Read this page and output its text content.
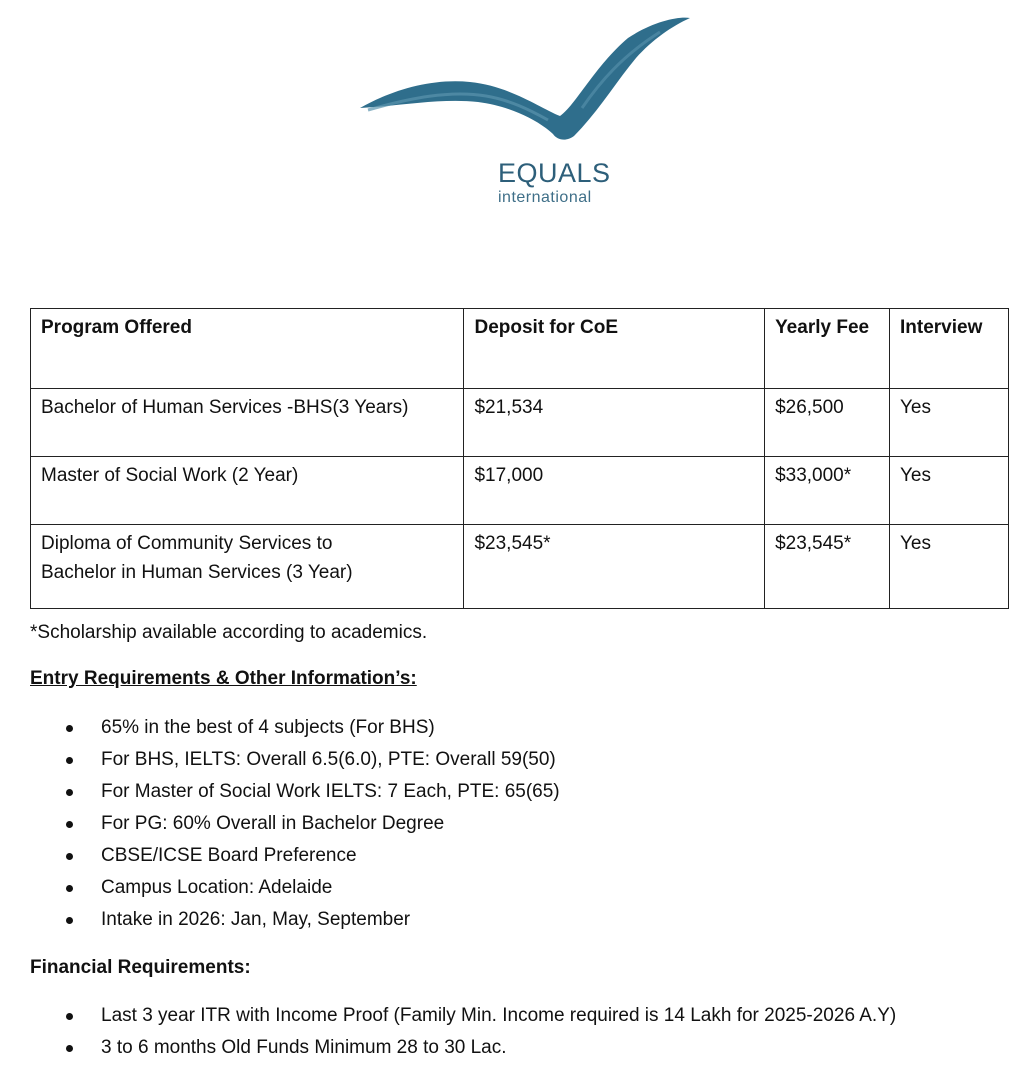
EQUALS
international
Program Offered	Deposit for CoE	Yearly Fee	Interview
Bachelor of Human Services -BHS(3 Years)	$21,534	$26,500	Yes
Master of Social Work (2 Year)	$17,000	$33,000*	Yes
Diploma of Community Services to Bachelor in Human Services (3 Year)	$23,545*	$23,545*	Yes
*Scholarship available according to academics.
Entry Requirements & Other Information’s:
65% in the best of 4 subjects (For BHS)
For BHS, IELTS: Overall 6.5(6.0), PTE: Overall 59(50)
For Master of Social Work IELTS: 7 Each, PTE: 65(65)
For PG: 60% Overall in Bachelor Degree
CBSE/ICSE Board Preference
Campus Location: Adelaide
Intake in 2026: Jan, May, September
Financial Requirements:
Last 3 year ITR with Income Proof (Family Min. Income required is 14 Lakh for 2025-2026 A.Y)
3 to 6 months Old Funds Minimum 28 to 30 Lac.
